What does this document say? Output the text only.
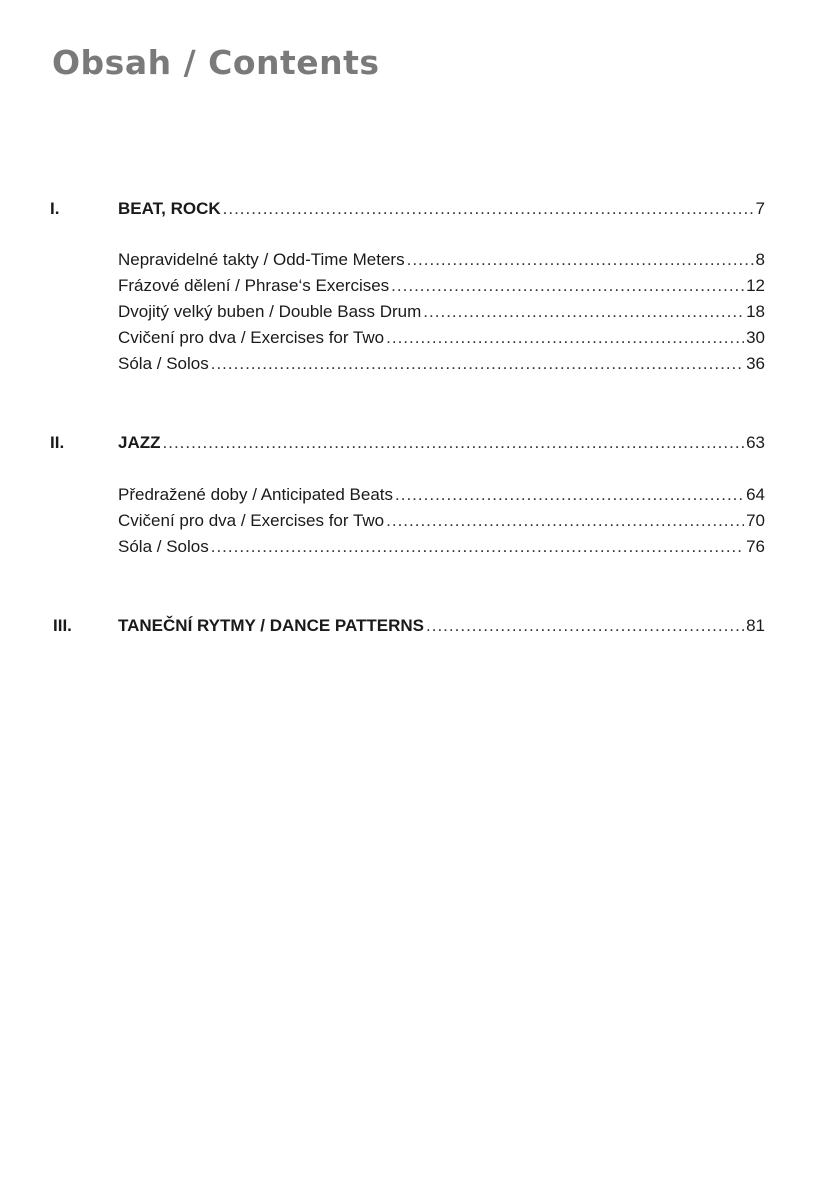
Obsah / Contents
I.	BEAT, ROCK .....	7
Nepravidelné takty / Odd-Time Meters .....	8
Frázové dělení / Phrase‘s Exercises .....	12
Dvojitý velký buben / Double Bass Drum .....	18
Cvičení pro dva / Exercises for Two .....	30
Sóla / Solos .....	36
II.	JAZZ .....	63
Předražené doby / Anticipated Beats .....	64
Cvičení pro dva / Exercises for Two .....	70
Sóla / Solos .....	76
III.	TANEČNÍ RYTMY / DANCE PATTERNS .....	81
